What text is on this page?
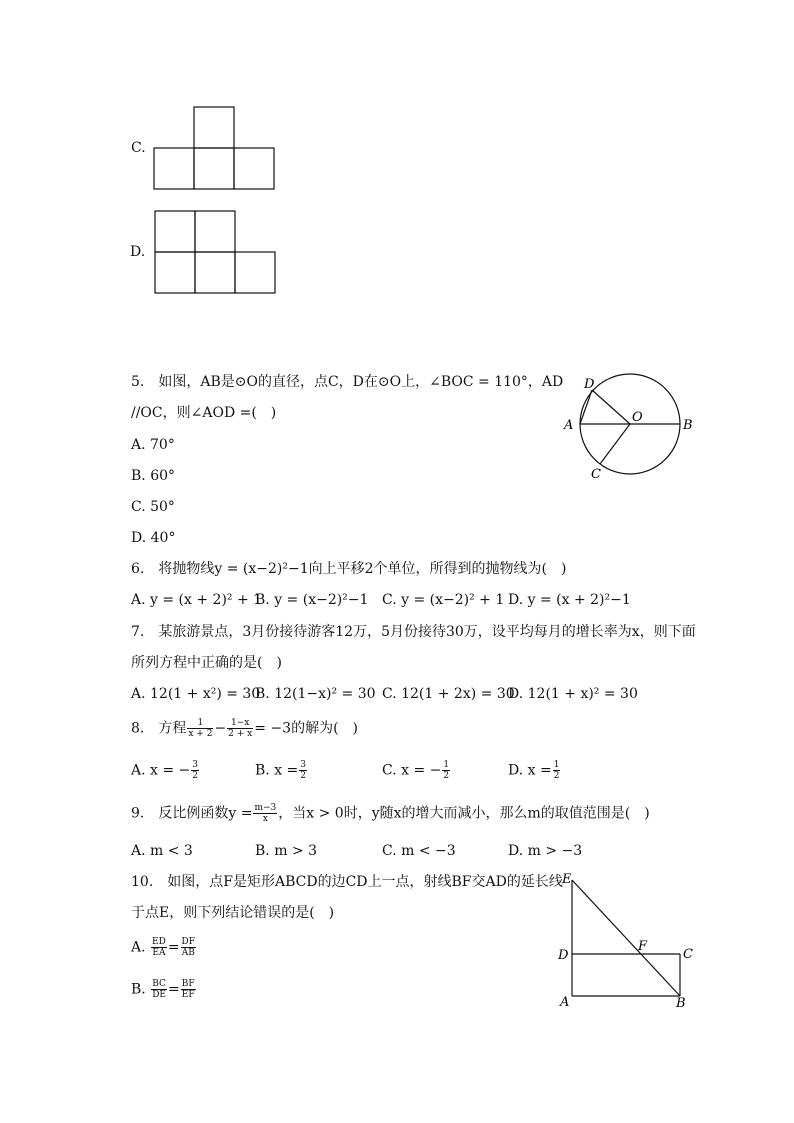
C.
D.
5.　如图，AB是⊙O的直径，点C，D在⊙O上，∠BOC = 110°，AD
//OC，则∠AOD =(　)
A. 70°
B. 60°
C. 50°
D. 40°
D
A
O
B
C
6.　将抛物线y = (x−2)²−1向上平移2个单位，所得到的抛物线为(　)
A. y = (x + 2)² + 1
B. y = (x−2)²−1 C. y = (x−2)² + 1 D. y = (x + 2)²−1
7.　某旅游景点，3月份接待游客12万，5月份接待30万，设平均每月的增长率为x，则下面
所列方程中正确的是(　)
A. 12(1 + x²) = 30
B. 12(1−x)² = 30 C. 12(1 + 2x) = 30
D. 12(1 + x)² = 30
8.　方程 $\frac{1}{x + 2} - \frac{1-x}{2 + x} = -3$的解为(　)
A. x = − $\frac{3}{2}$	B. $x = \frac{3}{2}$	C. x = − $\frac{1}{2}$	D. $x = \frac{1}{2}$
9.　反比例函数$y = \frac{m-3}{x}$ ，当x > 0时，y随x的增大而减小，那么m的取值范围是(　)
A. m < 3	B. m > 3	C. m < −3	D. m > −3
10.　如图，点F是矩形ABCD的边CD上一点，射线BF交AD的延长线
于点E，则下列结论错误的是(　)
A. $\frac{ED}{EA} = \frac{DF}{AB}$
B. $\frac{BC}{DE} = \frac{BF}{EF}$
E
D
F
C
A	B
